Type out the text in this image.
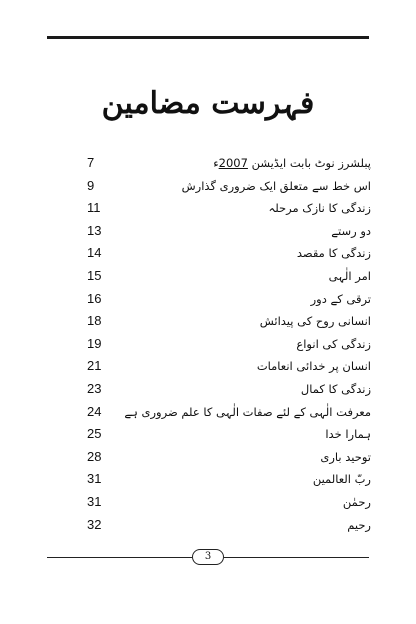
فہرست مضامین
7	پبلشرز نوٹ بابت ایڈیشن 2007ء
9	اس خط سے متعلق ایک ضروری گذارش
11	زندگی کا نازک مرحلہ
13	دو رستے
14	زندگی کا مقصد
15	امر الٰہی
16	ترقی کے دور
18	انسانی روح کی پیدائش
19	زندگی کی انواع
21	انسان پر خدائی انعامات
23	زندگی کا کمال
24 معرفت الٰہی کے لئے صفات الٰہی کا علم ضروری ہے
25	ہمارا خدا
28	توحید باری
31	ربّ العالمین
31	رحمٰن
32	رحیم
3
